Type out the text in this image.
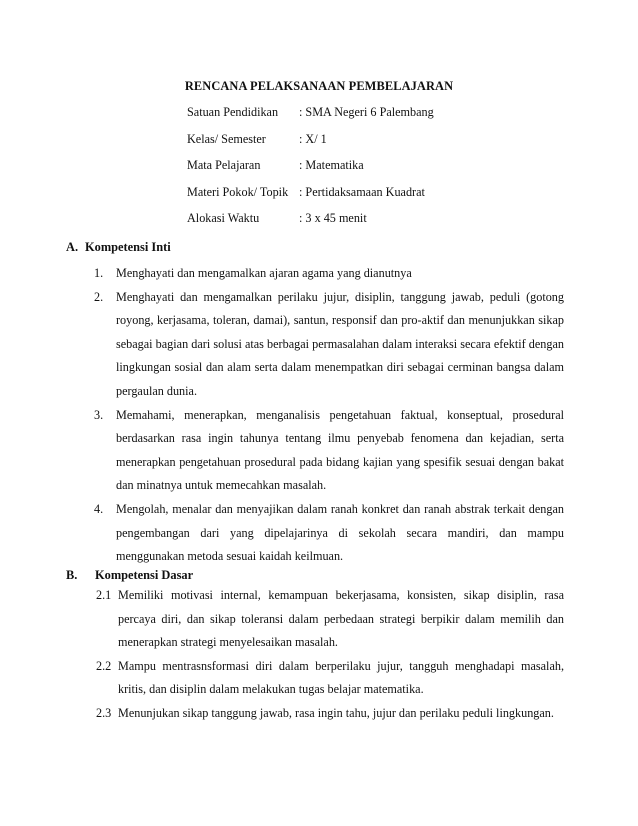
RENCANA PELAKSANAAN PEMBELAJARAN
Satuan Pendidikan	: SMA Negeri 6 Palembang
Kelas/ Semester	: X/ 1
Mata Pelajaran	: Matematika
Materi Pokok/ Topik : Pertidaksamaan Kuadrat
Alokasi Waktu	: 3 x 45 menit
A. Kompetensi Inti

1. Menghayati dan mengamalkan ajaran agama yang dianutnya

2. Menghayati dan mengamalkan perilaku jujur, disiplin, tanggung jawab, peduli (gotong royong, kerjasama, toleran, damai), santun, responsif dan pro-aktif dan menunjukkan sikap sebagai bagian dari solusi atas berbagai permasalahan dalam interaksi secara efektif dengan lingkungan sosial dan alam serta dalam menempatkan diri sebagai cerminan bangsa dalam pergaulan dunia.

3. Memahami, menerapkan, menganalisis pengetahuan faktual, konseptual, prosedural berdasarkan rasa ingin tahunya tentang ilmu penyebab fenomena dan kejadian, serta menerapkan pengetahuan prosedural pada bidang kajian yang spesifik sesuai dengan bakat dan minatnya untuk memecahkan masalah.

4. Mengolah, menalar dan menyajikan dalam ranah konkret dan ranah abstrak terkait dengan pengembangan dari yang dipelajarinya di sekolah secara mandiri, dan mampu menggunakan metoda sesuai kaidah keilmuan.

B. Kompetensi Dasar

2.1 Memiliki motivasi internal, kemampuan bekerjasama, konsisten, sikap disiplin, rasa percaya diri, dan sikap toleransi dalam perbedaan strategi berpikir dalam memilih dan menerapkan strategi menyelesaikan masalah.

2.2 Mampu mentrasnsformasi diri dalam berperilaku jujur, tangguh menghadapi masalah, kritis, dan disiplin dalam melakukan tugas belajar matematika.

2.3 Menunjukan sikap tanggung jawab, rasa ingin tahu, jujur dan perilaku peduli lingkungan.
